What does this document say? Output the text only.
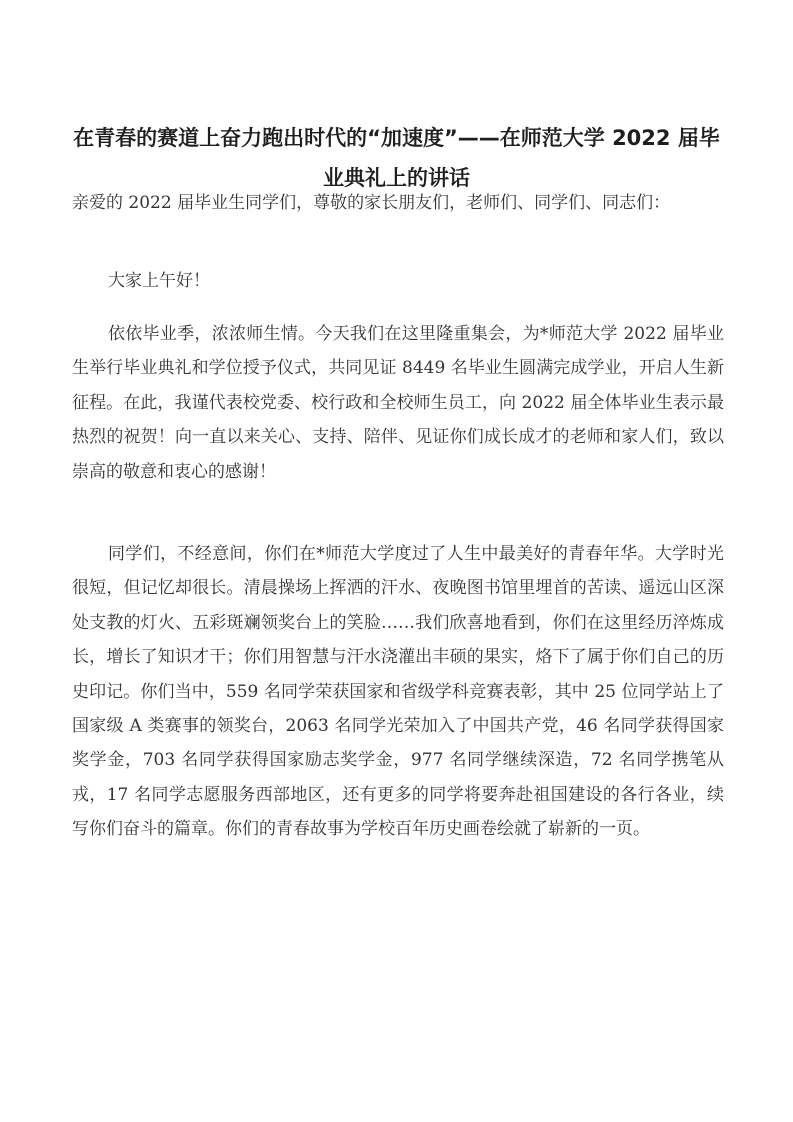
在青春的赛道上奋力跑出时代的“加速度”——在师范大学 2022 届毕业典礼上的讲话

亲爱的 2022 届毕业生同学们，尊敬的家长朋友们，老师们、同学们、同志们：

大家上午好！

依依毕业季，浓浓师生情。今天我们在这里隆重集会，为*师范大学 2022 届毕业生举行毕业典礼和学位授予仪式，共同见证 8449 名毕业生圆满完成学业，开启人生新征程。在此，我谨代表校党委、校行政和全校师生员工，向 2022 届全体毕业生表示最热烈的祝贺！向一直以来关心、支持、陪伴、见证你们成长成才的老师和家人们，致以崇高的敬意和衷心的感谢！

同学们，不经意间，你们在*师范大学度过了人生中最美好的青春年华。大学时光很短，但记忆却很长。清晨操场上挥洒的汗水、夜晚图书馆里埋首的苦读、遥远山区深处支教的灯火、五彩斑斓领奖台上的笑脸……我们欣喜地看到，你们在这里经历淬炼成长，增长了知识才干；你们用智慧与汗水浇灌出丰硕的果实，烙下了属于你们自己的历史印记。你们当中，559 名同学荣获国家和省级学科竞赛表彰，其中 25 位同学站上了国家级 A 类赛事的领奖台，2063 名同学光荣加入了中国共产党，46 名同学获得国家奖学金，703 名同学获得国家励志奖学金，977 名同学继续深造，72 名同学携笔从戎，17 名同学志愿服务西部地区，还有更多的同学将要奔赴祖国建设的各行各业，续写你们奋斗的篇章。你们的青春故事为学校百年历史画卷绘就了崭新的一页。
